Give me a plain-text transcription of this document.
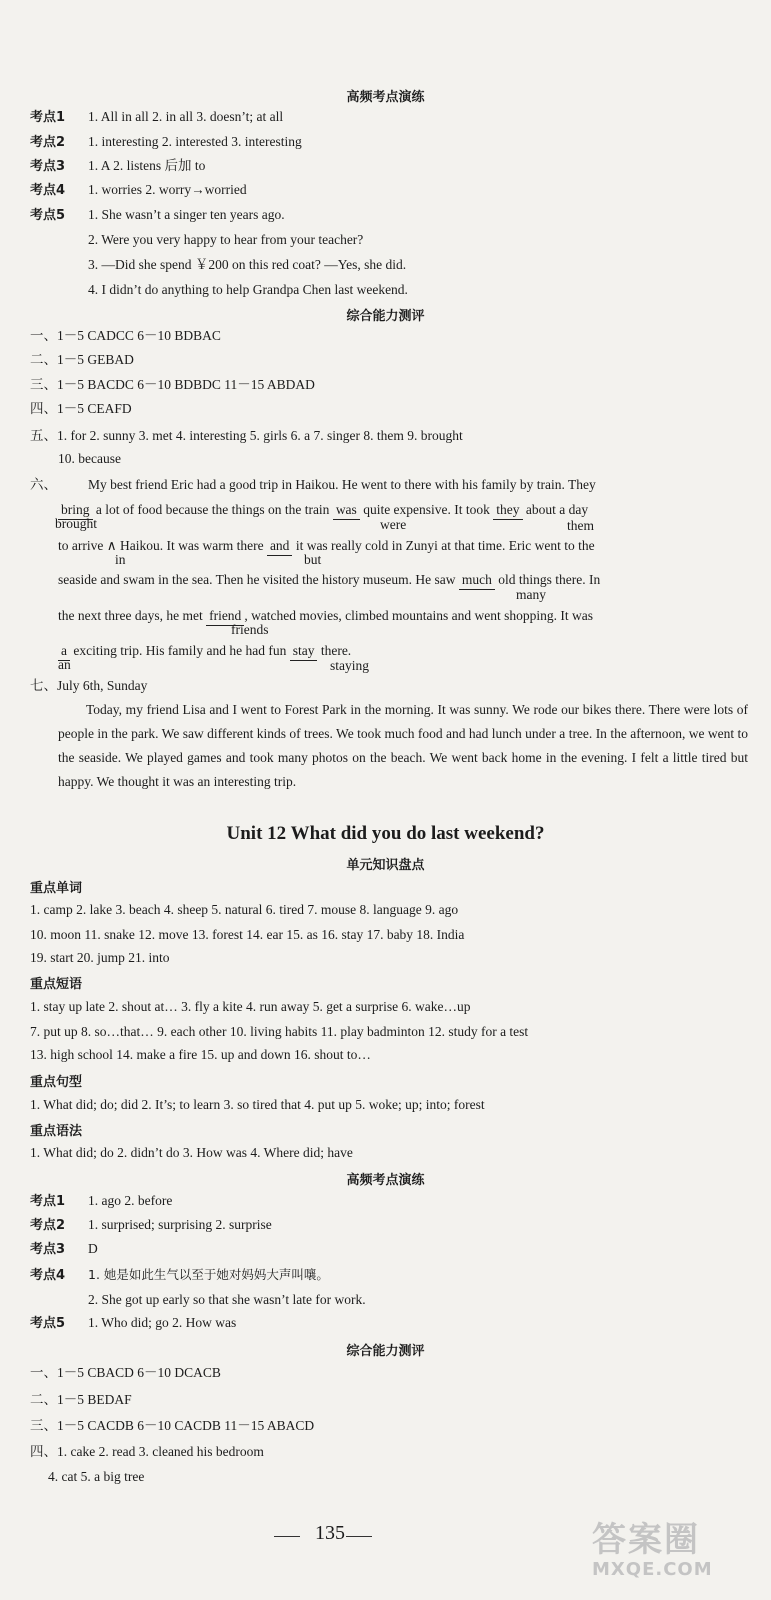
高频考点演练
考点1 1. All in all 2. in all 3. doesn’t; at all
考点2 1. interesting 2. interested 3. interesting
考点3 1. A 2. listens 后加 to
考点4 1. worries 2. worry→worried
考点5 1. She wasn’t a singer ten years ago.
2. Were you very happy to hear from your teacher?
3. —Did she spend ￥200 on this red coat? —Yes, she did.
4. I didn’t do anything to help Grandpa Chen last weekend.
综合能力测评
一、1－5 CADCC 6－10 BDBAC
二、1－5 GEBAD
三、1－5 BACDC 6－10 BDBDC 11－15 ABDAD
四、1－5 CEAFD
五、1. for 2. sunny 3. met 4. interesting 5. girls 6. a 7. singer 8. them 9. brought
10. because
六、 My best friend Eric had a good trip in Haikou. He went to there with his family by train. They
bring a lot of food because the things on the train was quite expensive. It took they about a day
brought	were	them
to arrive ∧ Haikou. It was warm there and it was really cold in Zunyi at that time. Eric went to the
in	but
seaside and swam in the sea. Then he visited the history museum. He saw much old things there. In
many
the next three days, he met friend , watched movies, climbed mountains and went shopping. It was
friends
a exciting trip. His family and he had fun stay there.
an	staying
七、July 6th, Sunday
Today, my friend Lisa and I went to Forest Park in the morning. It was sunny. We rode our bikes there. There were lots of people in the park. We saw different kinds of trees. We took much food and had lunch under a tree. In the afternoon, we went to the seaside. We played games and took many photos on the beach. We went back home in the evening. I felt a little tired but happy. We thought it was an interesting trip.
Unit 12 What did you do last weekend?
单元知识盘点
重点单词
1. camp 2. lake 3. beach 4. sheep 5. natural 6. tired 7. mouse 8. language 9. ago
10. moon 11. snake 12. move 13. forest 14. ear 15. as 16. stay 17. baby 18. India
19. start 20. jump 21. into
重点短语
1. stay up late 2. shout at… 3. fly a kite 4. run away 5. get a surprise 6. wake…up
7. put up 8. so…that… 9. each other 10. living habits 11. play badminton 12. study for a test
13. high school 14. make a fire 15. up and down 16. shout to…
重点句型
1. What did; do; did 2. It’s; to learn 3. so tired that 4. put up 5. woke; up; into; forest
重点语法
1. What did; do 2. didn’t do 3. How was 4. Where did; have
高频考点演练
考点1 1. ago 2. before
考点2 1. surprised; surprising 2. surprise
考点3 D
考点4 1. 她是如此生气以至于她对妈妈大声叫嚷。
2. She got up early so that she wasn’t late for work.
考点5 1. Who did; go 2. How was
综合能力测评
一、1－5 CBACD 6－10 DCACB
二、1－5 BEDAF
三、1－5 CACDB 6－10 CACDB 11－15 ABACD
四、1. cake 2. read 3. cleaned his bedroom
4. cat 5. a big tree
135	答案圈
MXQE.COM
